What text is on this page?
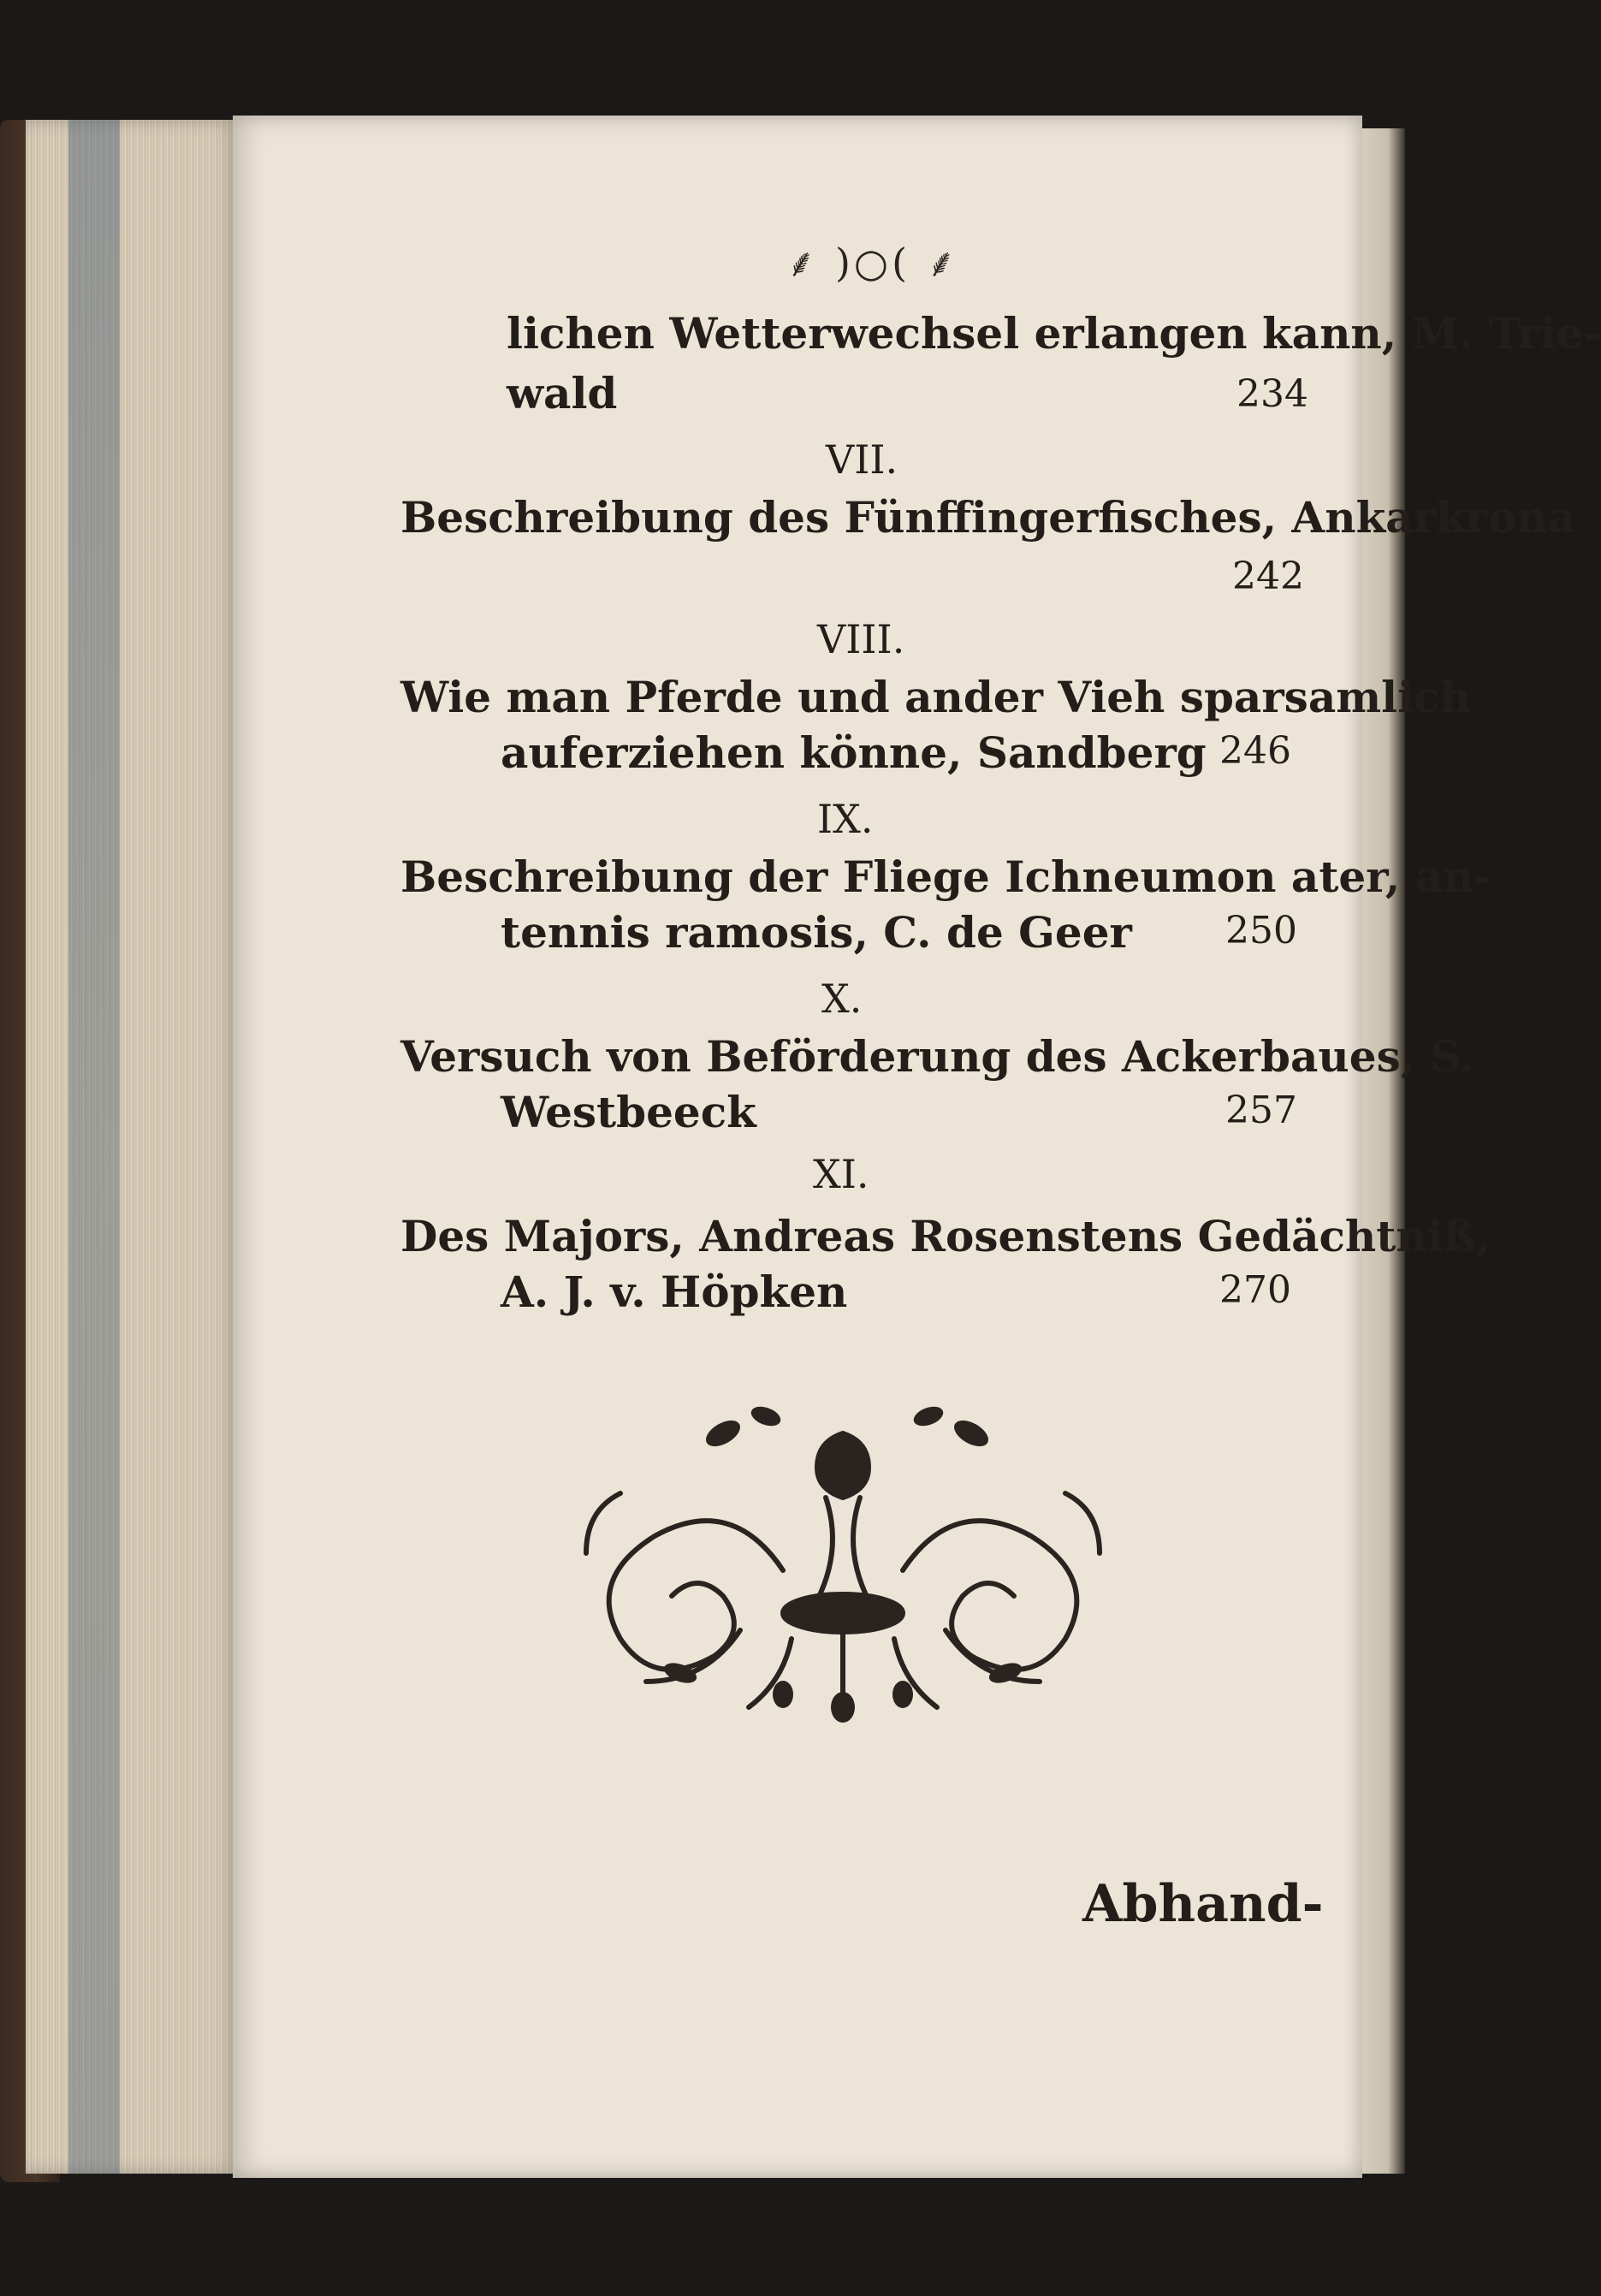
⸙ )○( ⸙
lichen Wetterwechsel erlangen kann, M. Trie-
wald	234
VII.
Beschreibung des Fünffingerfisches, Ankarkrona
242
VIII.
Wie man Pferde und ander Vieh sparsamlich
auferziehen könne, Sandberg 246
IX.
Beschreibung der Fliege Ichneumon ater, an-
tennis ramosis, C. de Geer 250
X.
Versuch von Beförderung des Ackerbaues, S.
Westbeeck	257
XI.
Des Majors, Andreas Rosenstens Gedächtniß,
A. J. v. Höpken	270
Abhand-
